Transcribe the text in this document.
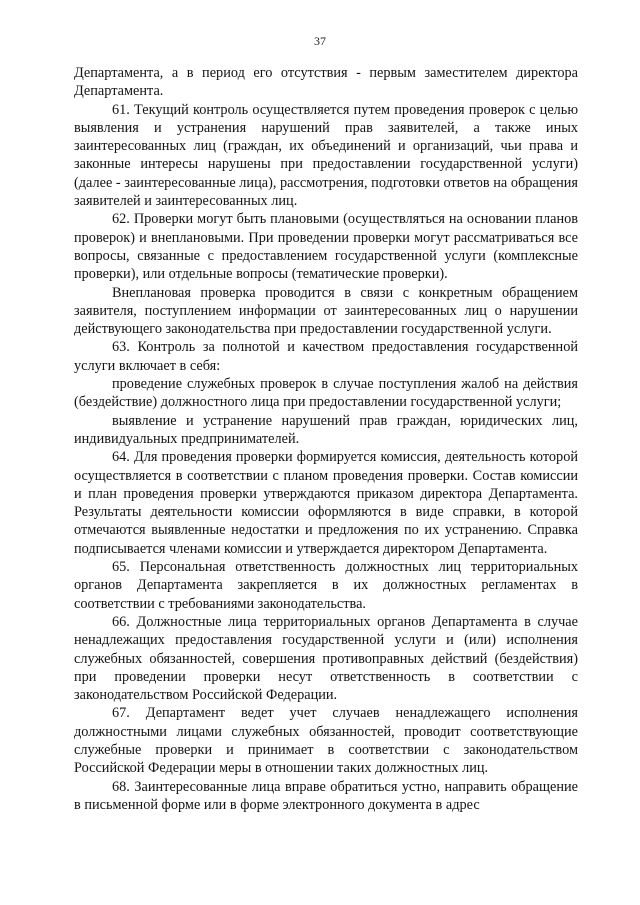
37

Департамента, а в период его отсутствия - первым заместителем директора Департамента.

61. Текущий контроль осуществляется путем проведения проверок с целью выявления и устранения нарушений прав заявителей, а также иных заинтересованных лиц (граждан, их объединений и организаций, чьи права и законные интересы нарушены при предоставлении государственной услуги) (далее - заинтересованные лица), рассмотрения, подготовки ответов на обращения заявителей и заинтересованных лиц.

62. Проверки могут быть плановыми (осуществляться на основании планов проверок) и внеплановыми. При проведении проверки могут рассматриваться все вопросы, связанные с предоставлением государственной услуги (комплексные проверки), или отдельные вопросы (тематические проверки).

Внеплановая проверка проводится в связи с конкретным обращением заявителя, поступлением информации от заинтересованных лиц о нарушении действующего законодательства при предоставлении государственной услуги.

63. Контроль за полнотой и качеством предоставления государственной услуги включает в себя:

проведение служебных проверок в случае поступления жалоб на действия (бездействие) должностного лица при предоставлении государственной услуги;

выявление и устранение нарушений прав граждан, юридических лиц, индивидуальных предпринимателей.

64. Для проведения проверки формируется комиссия, деятельность которой осуществляется в соответствии с планом проведения проверки. Состав комиссии и план проведения проверки утверждаются приказом директора Департамента. Результаты деятельности комиссии оформляются в виде справки, в которой отмечаются выявленные недостатки и предложения по их устранению. Справка подписывается членами комиссии и утверждается директором Департамента.

65. Персональная ответственность должностных лиц территориальных органов Департамента закрепляется в их должностных регламентах в соответствии с требованиями законодательства.

66. Должностные лица территориальных органов Департамента в случае ненадлежащих предоставления государственной услуги и (или) исполнения служебных обязанностей, совершения противоправных действий (бездействия) при проведении проверки несут ответственность в соответствии с законодательством Российской Федерации.

67. Департамент ведет учет случаев ненадлежащего исполнения должностными лицами служебных обязанностей, проводит соответствующие служебные проверки и принимает в соответствии с законодательством Российской Федерации меры в отношении таких должностных лиц.

68. Заинтересованные лица вправе обратиться устно, направить обращение в письменной форме или в форме электронного документа в адрес
